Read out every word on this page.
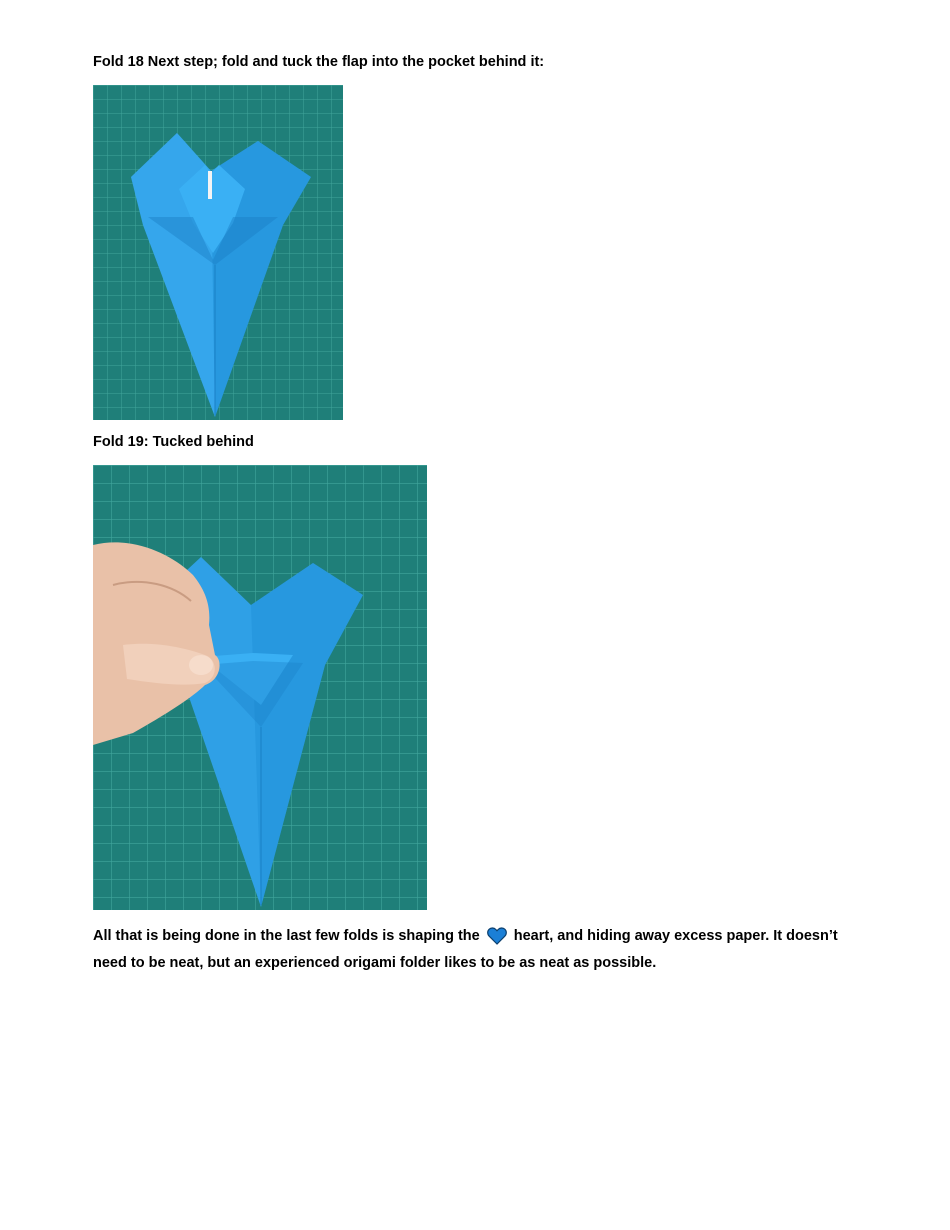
Fold 18 Next step; fold and tuck the flap into the pocket behind it:
Fold 19: Tucked behind
All that is being done in the last few folds is shaping the  heart, and hiding away excess paper. It doesn’t need to be neat, but an experienced origami folder likes to be as neat as possible.
